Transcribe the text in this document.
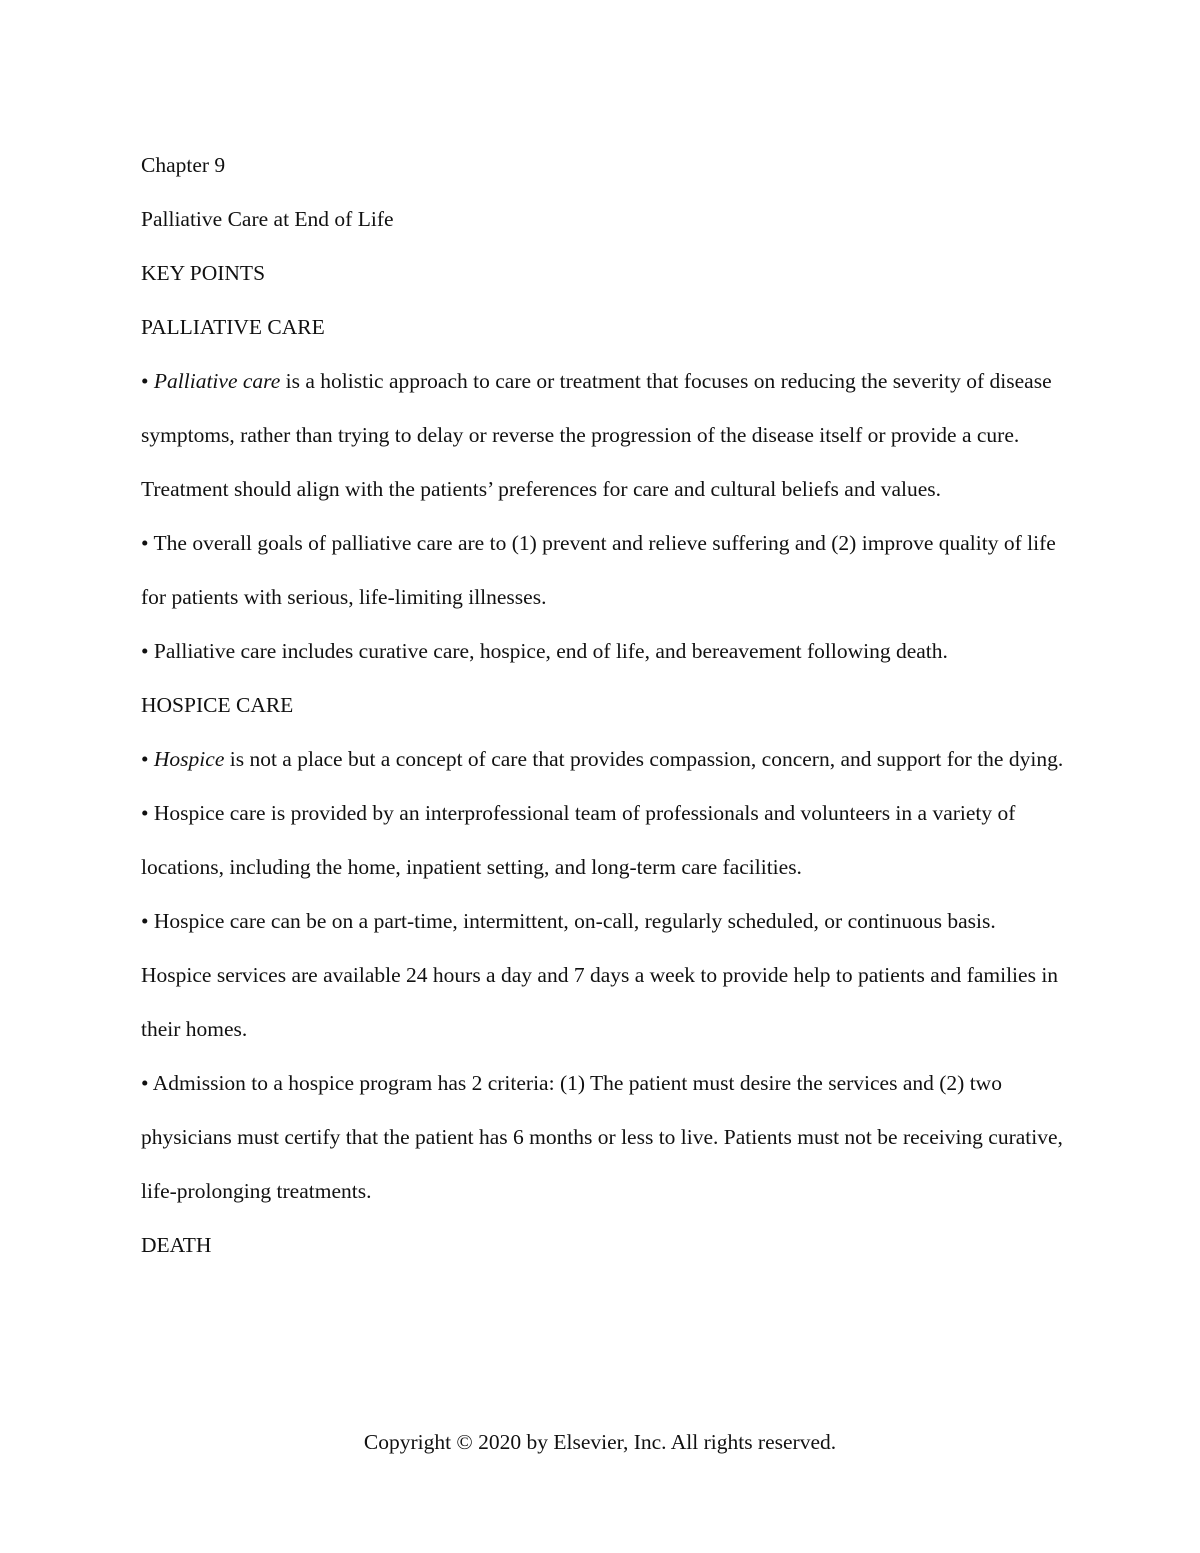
Chapter 9

Palliative Care at End of Life

KEY POINTS

PALLIATIVE CARE

• Palliative care is a holistic approach to care or treatment that focuses on reducing the severity of disease symptoms, rather than trying to delay or reverse the progression of the disease itself or provide a cure. Treatment should align with the patients’ preferences for care and cultural beliefs and values.

• The overall goals of palliative care are to (1) prevent and relieve suffering and (2) improve quality of life for patients with serious, life-limiting illnesses.

• Palliative care includes curative care, hospice, end of life, and bereavement following death.

HOSPICE CARE

• Hospice is not a place but a concept of care that provides compassion, concern, and support for the dying.

• Hospice care is provided by an interprofessional team of professionals and volunteers in a variety of locations, including the home, inpatient setting, and long-term care facilities.

• Hospice care can be on a part-time, intermittent, on-call, regularly scheduled, or continuous basis. Hospice services are available 24 hours a day and 7 days a week to provide help to patients and families in their homes.

• Admission to a hospice program has 2 criteria: (1) The patient must desire the services and (2) two physicians must certify that the patient has 6 months or less to live. Patients must not be receiving curative, life-prolonging treatments.

DEATH

Copyright © 2020 by Elsevier, Inc. All rights reserved.
